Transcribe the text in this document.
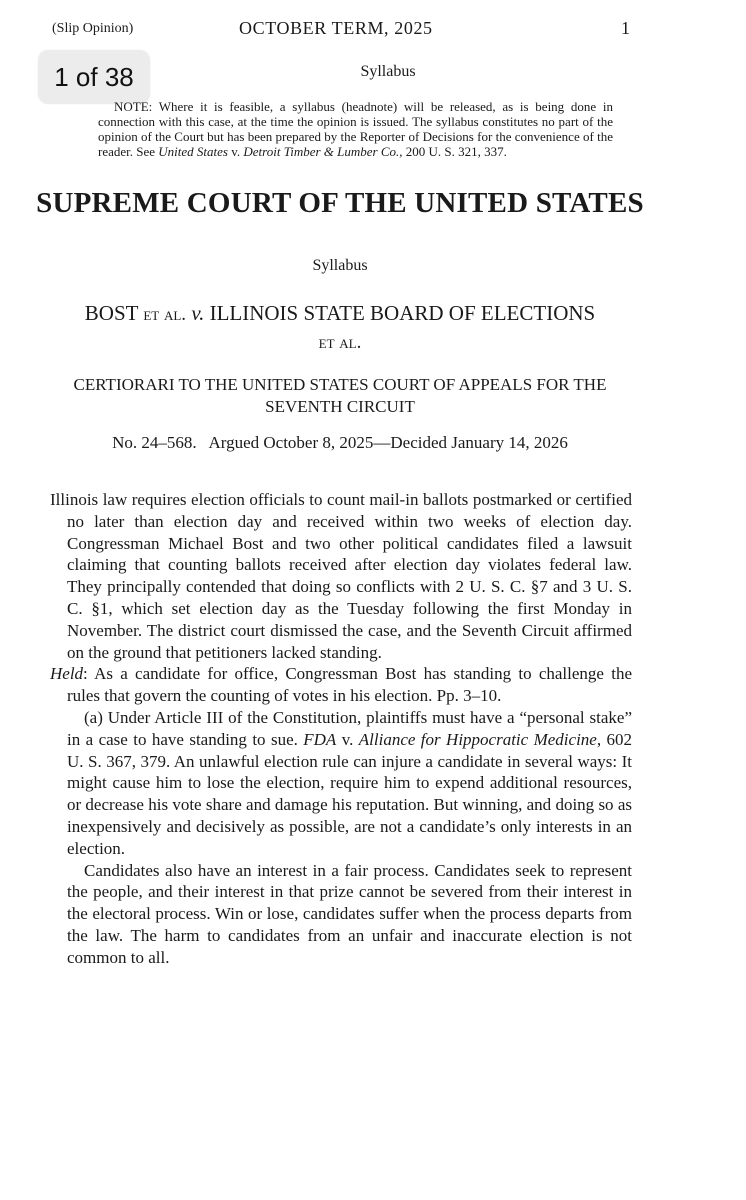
(Slip Opinion)	OCTOBER TERM, 2025	1
1 of 38	Syllabus
NOTE: Where it is feasible, a syllabus (headnote) will be released, as is being done in connection with this case, at the time the opinion is issued. The syllabus constitutes no part of the opinion of the Court but has been prepared by the Reporter of Decisions for the convenience of the reader. See United States v. Detroit Timber & Lumber Co., 200 U. S. 321, 337.
SUPREME COURT OF THE UNITED STATES
Syllabus
BOST et al. v. ILLINOIS STATE BOARD OF ELECTIONS et al.
CERTIORARI TO THE UNITED STATES COURT OF APPEALS FOR THE SEVENTH CIRCUIT
No. 24–568.   Argued October 8, 2025—Decided January 14, 2026

Illinois law requires election officials to count mail-in ballots postmarked or certified no later than election day and received within two weeks of election day. Congressman Michael Bost and two other political candidates filed a lawsuit claiming that counting ballots received after election day violates federal law. They principally contended that doing so conflicts with 2 U. S. C. §7 and 3 U. S. C. §1, which set election day as the Tuesday following the first Monday in November. The district court dismissed the case, and the Seventh Circuit affirmed on the ground that petitioners lacked standing.

Held: As a candidate for office, Congressman Bost has standing to challenge the rules that govern the counting of votes in his election. Pp. 3–10.

(a) Under Article III of the Constitution, plaintiffs must have a “personal stake” in a case to have standing to sue. FDA v. Alliance for Hippocratic Medicine, 602 U. S. 367, 379. An unlawful election rule can injure a candidate in several ways: It might cause him to lose the election, require him to expend additional resources, or decrease his vote share and damage his reputation. But winning, and doing so as inexpensively and decisively as possible, are not a candidate’s only interests in an election.

Candidates also have an interest in a fair process. Candidates seek to represent the people, and their interest in that prize cannot be severed from their interest in the electoral process. Win or lose, candidates suffer when the process departs from the law. The harm to candidates from an unfair and inaccurate election is not common to all.
